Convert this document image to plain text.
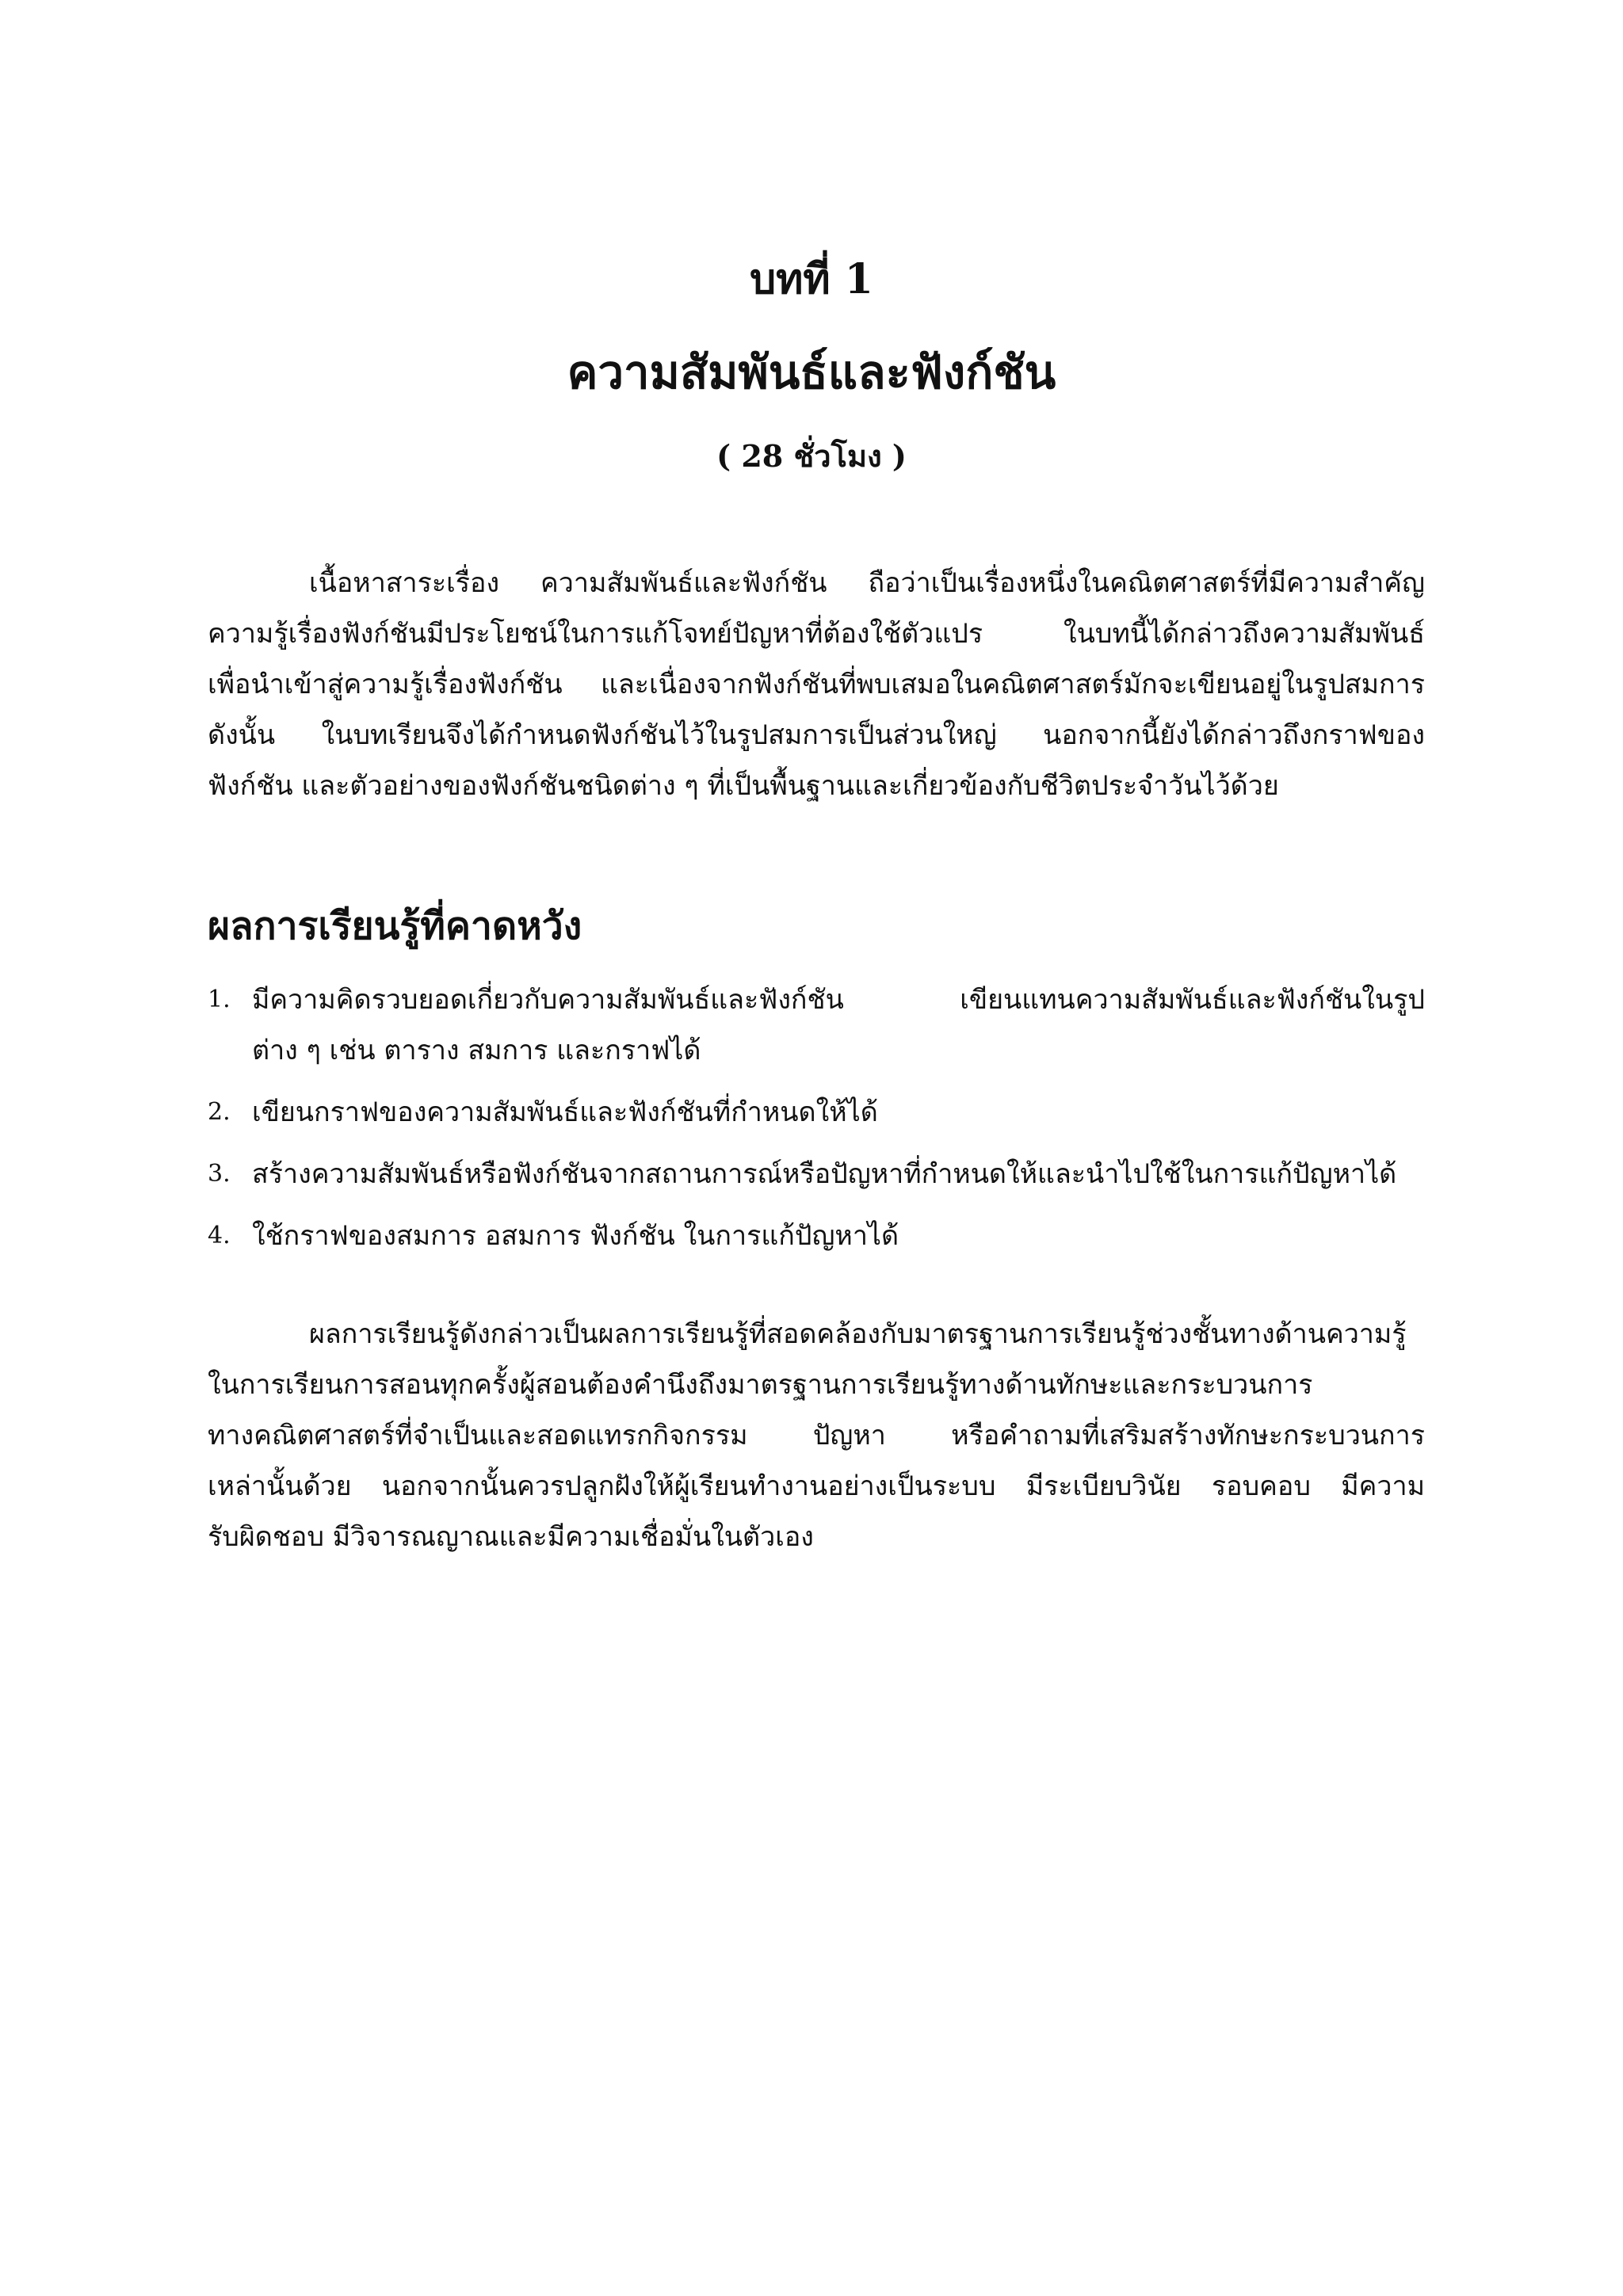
บทที่ 1
ความสัมพันธ์และฟังก์ชัน
( 28 ชั่วโมง )
เนื้อหาสาระเรื่อง ความสัมพันธ์และฟังก์ชัน ถือว่าเป็นเรื่องหนึ่งในคณิตศาสตร์ที่มีความสำคัญ
ความรู้เรื่องฟังก์ชันมีประโยชน์ในการแก้โจทย์ปัญหาที่ต้องใช้ตัวแปร ในบทนี้ได้กล่าวถึงความสัมพันธ์
เพื่อนำเข้าสู่ความรู้เรื่องฟังก์ชัน และเนื่องจากฟังก์ชันที่พบเสมอในคณิตศาสตร์มักจะเขียนอยู่ในรูปสมการ
ดังนั้น ในบทเรียนจึงได้กำหนดฟังก์ชันไว้ในรูปสมการเป็นส่วนใหญ่ นอกจากนี้ยังได้กล่าวถึงกราฟของ
ฟังก์ชัน และตัวอย่างของฟังก์ชันชนิดต่าง ๆ ที่เป็นพื้นฐานและเกี่ยวข้องกับชีวิตประจำวันไว้ด้วย
ผลการเรียนรู้ที่คาดหวัง
1. มีความคิดรวบยอดเกี่ยวกับความสัมพันธ์และฟังก์ชัน เขียนแทนความสัมพันธ์และฟังก์ชันในรูป
ต่าง ๆ เช่น ตาราง สมการ และกราฟได้
2. เขียนกราฟของความสัมพันธ์และฟังก์ชันที่กำหนดให้ได้
3. สร้างความสัมพันธ์หรือฟังก์ชันจากสถานการณ์หรือปัญหาที่กำหนดให้และนำไปใช้ในการแก้ปัญหาได้
4. ใช้กราฟของสมการ อสมการ ฟังก์ชัน ในการแก้ปัญหาได้
ผลการเรียนรู้ดังกล่าวเป็นผลการเรียนรู้ที่สอดคล้องกับมาตรฐานการเรียนรู้ช่วงชั้นทางด้านความรู้
ในการเรียนการสอนทุกครั้งผู้สอนต้องคำนึงถึงมาตรฐานการเรียนรู้ทางด้านทักษะและกระบวนการ
ทางคณิตศาสตร์ที่จำเป็นและสอดแทรกกิจกรรม ปัญหา หรือคำถามที่เสริมสร้างทักษะกระบวนการ
เหล่านั้นด้วย นอกจากนั้นควรปลูกฝังให้ผู้เรียนทำงานอย่างเป็นระบบ มีระเบียบวินัย รอบคอบ มีความ
รับผิดชอบ มีวิจารณญาณและมีความเชื่อมั่นในตัวเอง
